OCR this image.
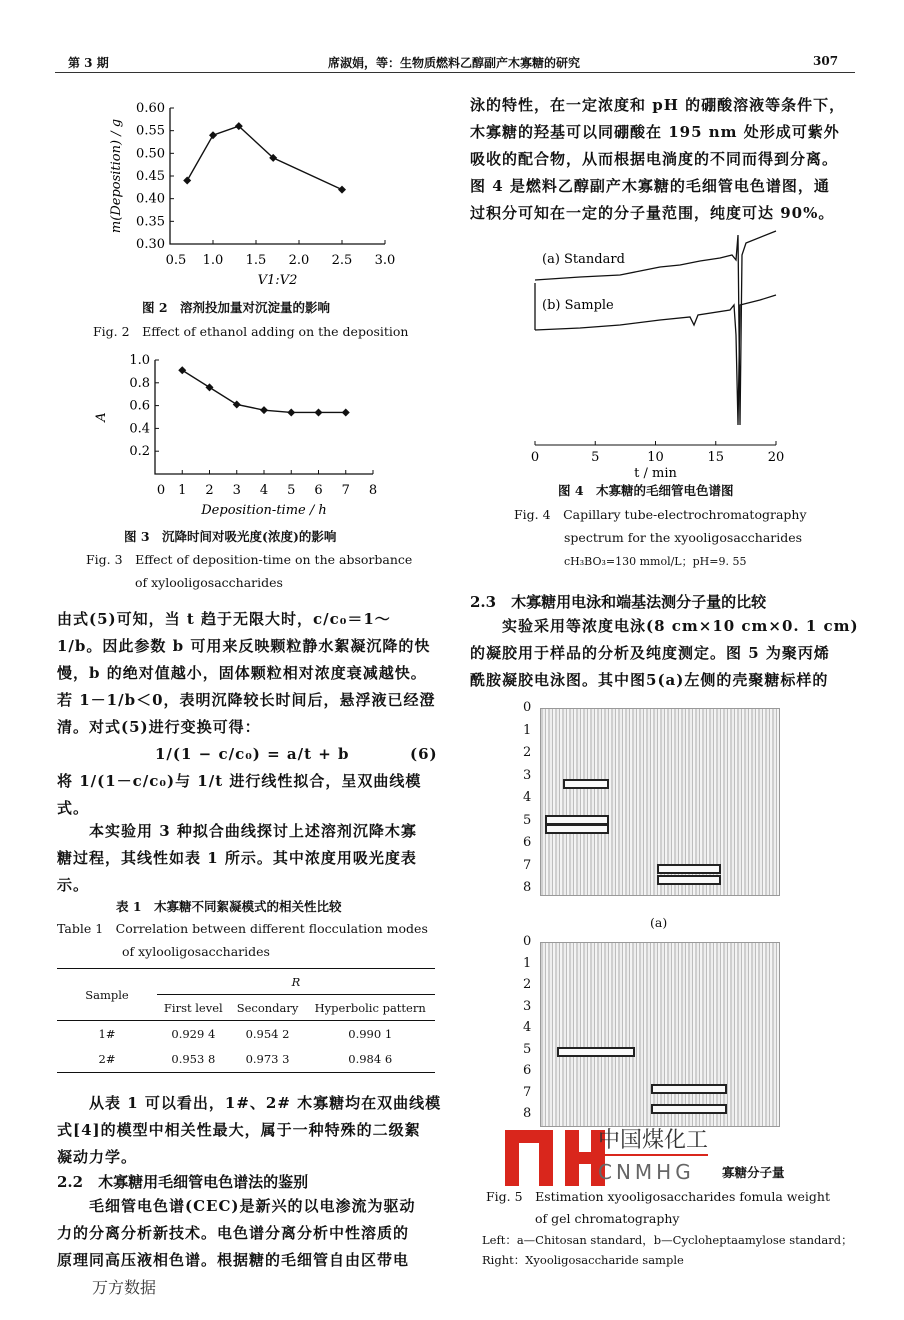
第 3 期	席淑娟，等：生物质燃料乙醇副产木寡糖的研究	307
0.5 1.0 1.5 2.0 2.5 3.0
0.30
0.35
0.40
0.45
0.50
0.55
0.60
V1:V2
m(Deposition) / g
图 2　溶剂投加量对沉淀量的影响
Fig. 2　Effect of ethanol adding on the deposition
0 1 2 3 4 5 6 7 8
0.2
0.4
0.6
0.8
1.0
Deposition-time / h
A
图 3　沉降时间对吸光度(浓度)的影响
Fig. 3　Effect of deposition-time on the absorbance
of xylooligosaccharides
由式(5)可知，当 t 趋于无限大时，c/c₀＝1～
1/b。因此参数 b 可用来反映颗粒静水絮凝沉降的快
慢，b 的绝对值越小，固体颗粒相对浓度衰减越快。
若 1－1/b＜0，表明沉降较长时间后，悬浮液已经澄
清。对式(5)进行变换可得：
1/(1 − c/c₀) = a/t + b	(6)
将 1/(1－c/c₀)与 1/t 进行线性拟合，呈双曲线模
式。
　　本实验用 3 种拟合曲线探讨上述溶剂沉降木寡
糖过程，其线性如表 1 所示。其中浓度用吸光度表
示。
表 1　木寡糖不同絮凝模式的相关性比较
Table 1　Correlation between different flocculation modes
of xylooligosaccharides
Sample	R		
	First level	Secondary	Hyperbolic pattern
1#	0.929 4	0.954 2	0.990 1
2#	0.953 8	0.973 3	0.984 6
　　从表 1 可以看出，1#、2# 木寡糖均在双曲线模
式[4]的模型中相关性最大，属于一种特殊的二级絮
凝动力学。
2.2　木寡糖用毛细管电色谱法的鉴别
　　毛细管电色谱(CEC)是新兴的以电渗流为驱动
力的分离分析新技术。电色谱分离分析中性溶质的
原理同高压液相色谱。根据糖的毛细管自由区带电
万方数据
泳的特性，在一定浓度和 pH 的硼酸溶液等条件下，
木寡糖的羟基可以同硼酸在 195 nm 处形成可紫外
吸收的配合物，从而根据电淌度的不同而得到分离。
图 4 是燃料乙醇副产木寡糖的毛细管电色谱图，通
过积分可知在一定的分子量范围，纯度可达 90%。
0	5	10	15	20
t / min
(a) Standard
(b) Sample
图 4　木寡糖的毛细管电色谱图
Fig. 4　Capillary tube-electrochromatography
spectrum for the xyooligosaccharides
cH₃BO₃=130 mmol/L；pH=9. 55
2.3　木寡糖用电泳和端基法测分子量的比较
　　实验采用等浓度电泳(8 cm×10 cm×0. 1 cm)
的凝胶用于样品的分析及纯度测定。图 5 为聚丙烯
酰胺凝胶电泳图。其中图5(a)左侧的壳聚糖标样的
0
1
2
3
4
5
6
7
8
(a)
0
1
2
3
4
5
6
7
8
中国煤化工
CNMHG 寡糖分子量
Fig. 5　Estimation xyooligosaccharides fomula weight
of gel chromatography
Left：a—Chitosan standard，b—Cycloheptaamylose standard；
Right：Xyooligosaccharide sample
